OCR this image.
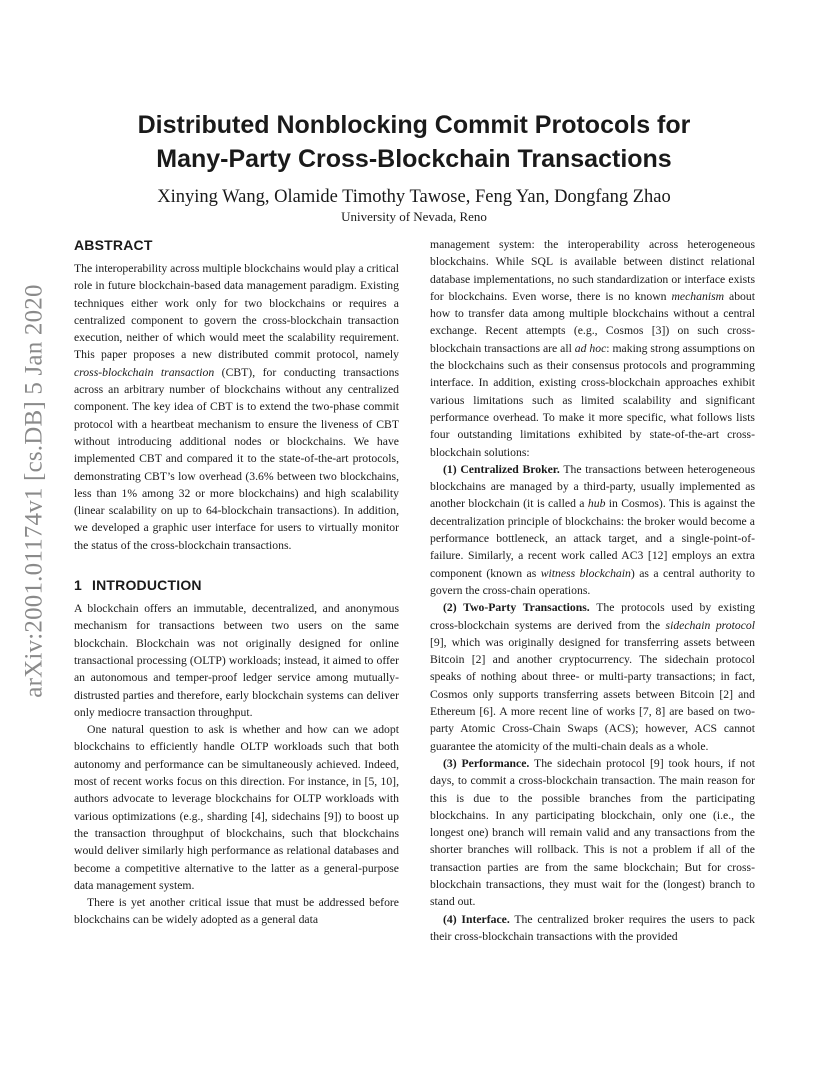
arXiv:2001.01174v1 [cs.DB] 5 Jan 2020
Distributed Nonblocking Commit Protocols for
Many-Party Cross-Blockchain Transactions
Xinying Wang, Olamide Timothy Tawose, Feng Yan, Dongfang Zhao
University of Nevada, Reno
ABSTRACT

The interoperability across multiple blockchains would play a critical role in future blockchain-based data management paradigm. Existing techniques either work only for two blockchains or requires a centralized component to govern the cross-blockchain transaction execution, neither of which would meet the scalability requirement. This paper proposes a new distributed commit protocol, namely cross-blockchain transaction (CBT), for conducting transactions across an arbitrary number of blockchains without any centralized component. The key idea of CBT is to extend the two-phase commit protocol with a heartbeat mechanism to ensure the liveness of CBT without introducing additional nodes or blockchains. We have implemented CBT and compared it to the state-of-the-art protocols, demonstrating CBT’s low overhead (3.6% between two blockchains, less than 1% among 32 or more blockchains) and high scalability (linear scalability on up to 64-blockchain transactions). In addition, we developed a graphic user interface for users to virtually monitor the status of the cross-blockchain transactions.

1 INTRODUCTION

A blockchain offers an immutable, decentralized, and anonymous mechanism for transactions between two users on the same blockchain. Blockchain was not originally designed for online transactional processing (OLTP) workloads; instead, it aimed to offer an autonomous and temper-proof ledger service among mutually-distrusted parties and therefore, early blockchain systems can deliver only mediocre transaction throughput.

One natural question to ask is whether and how can we adopt blockchains to efficiently handle OLTP workloads such that both autonomy and performance can be simultaneously achieved. Indeed, most of recent works focus on this direction. For instance, in [5, 10], authors advocate to leverage blockchains for OLTP workloads with various optimizations (e.g., sharding [4], sidechains [9]) to boost up the transaction throughput of blockchains, such that blockchains would deliver similarly high performance as relational databases and become a competitive alternative to the latter as a general-purpose data management system.

There is yet another critical issue that must be addressed before blockchains can be widely adopted as a general data

management system: the interoperability across heterogeneous blockchains. While SQL is available between distinct relational database implementations, no such standardization or interface exists for blockchains. Even worse, there is no known mechanism about how to transfer data among multiple blockchains without a central exchange. Recent attempts (e.g., Cosmos [3]) on such cross-blockchain transactions are all ad hoc: making strong assumptions on the blockchains such as their consensus protocols and programming interface. In addition, existing cross-blockchain approaches exhibit various limitations such as limited scalability and significant performance overhead. To make it more specific, what follows lists four outstanding limitations exhibited by state-of-the-art cross-blockchain solutions:

(1) Centralized Broker. The transactions between heterogeneous blockchains are managed by a third-party, usually implemented as another blockchain (it is called a hub in Cosmos). This is against the decentralization principle of blockchains: the broker would become a performance bottleneck, an attack target, and a single-point-of-failure. Similarly, a recent work called AC3 [12] employs an extra component (known as witness blockchain) as a central authority to govern the cross-chain operations.

(2) Two-Party Transactions. The protocols used by existing cross-blockchain systems are derived from the sidechain protocol [9], which was originally designed for transferring assets between Bitcoin [2] and another cryptocurrency. The sidechain protocol speaks of nothing about three- or multi-party transactions; in fact, Cosmos only supports transferring assets between Bitcoin [2] and Ethereum [6]. A more recent line of works [7, 8] are based on two-party Atomic Cross-Chain Swaps (ACS); however, ACS cannot guarantee the atomicity of the multi-chain deals as a whole.

(3) Performance. The sidechain protocol [9] took hours, if not days, to commit a cross-blockchain transaction. The main reason for this is due to the possible branches from the participating blockchains. In any participating blockchain, only one (i.e., the longest one) branch will remain valid and any transactions from the shorter branches will rollback. This is not a problem if all of the transaction parties are from the same blockchain; But for cross-blockchain transactions, they must wait for the (longest) branch to stand out.

(4) Interface. The centralized broker requires the users to pack their cross-blockchain transactions with the provided
